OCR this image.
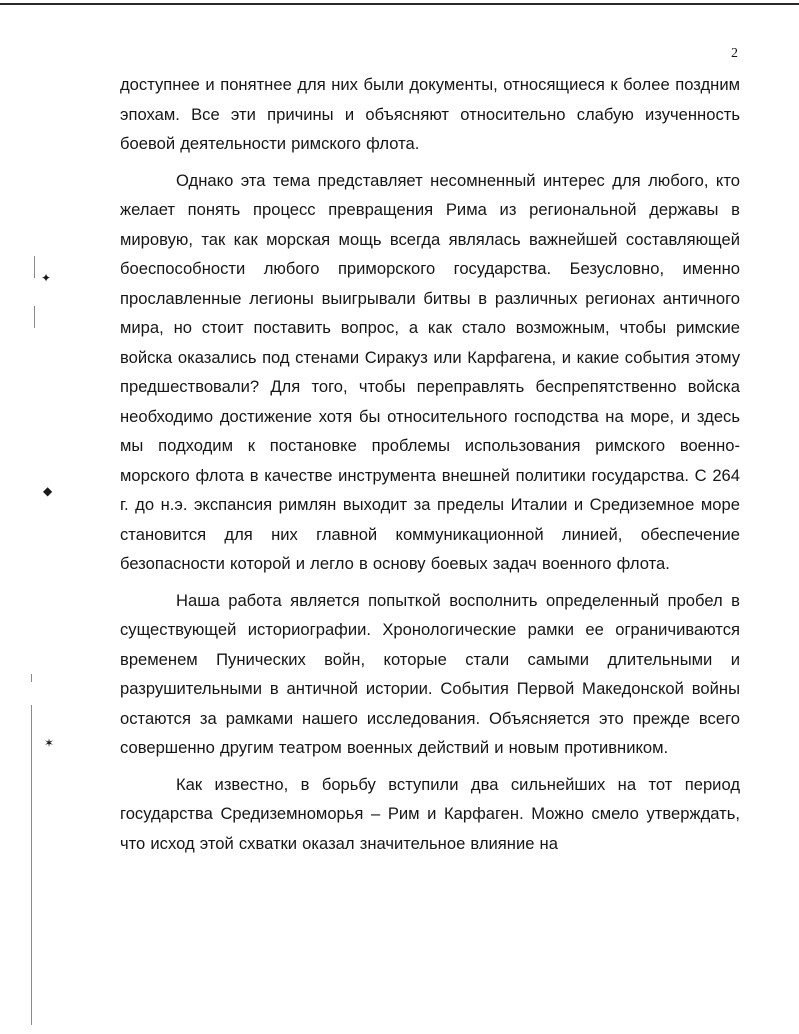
2
✦
◆
✶

доступнее и понятнее для них были документы, относящиеся к более поздним эпохам. Все эти причины и объясняют относительно слабую изученность боевой деятельности римского флота.

Однако эта тема представляет несомненный интерес для любого, кто желает понять процесс превращения Рима из региональной державы в мировую, так как морская мощь всегда являлась важнейшей составляющей боеспособности любого приморского государства. Безусловно, именно прославленные легионы выигрывали битвы в различных регионах античного мира, но стоит поставить вопрос, а как стало возможным, чтобы римские войска оказались под стенами Сиракуз или Карфагена, и какие события этому предшествовали? Для того, чтобы переправлять беспрепятственно войска необходимо достижение хотя бы относительного господства на море, и здесь мы подходим к постановке проблемы использования римского военно-морского флота в качестве инструмента внешней политики государства. С 264 г. до н.э. экспансия римлян выходит за пределы Италии и Средиземное море становится для них главной коммуникационной линией, обеспечение безопасности которой и легло в основу боевых задач военного флота.

Наша работа является попыткой восполнить определенный пробел в существующей историографии. Хронологические рамки ее ограничиваются временем Пунических войн, которые стали самыми длительными и разрушительными в античной истории. События Первой Македонской войны остаются за рамками нашего исследования. Объясняется это прежде всего совершенно другим театром военных действий и новым противником.

Как известно, в борьбу вступили два сильнейших на тот период государства Средиземноморья – Рим и Карфаген. Можно смело утверждать, что исход этой схватки оказал значительное влияние на
